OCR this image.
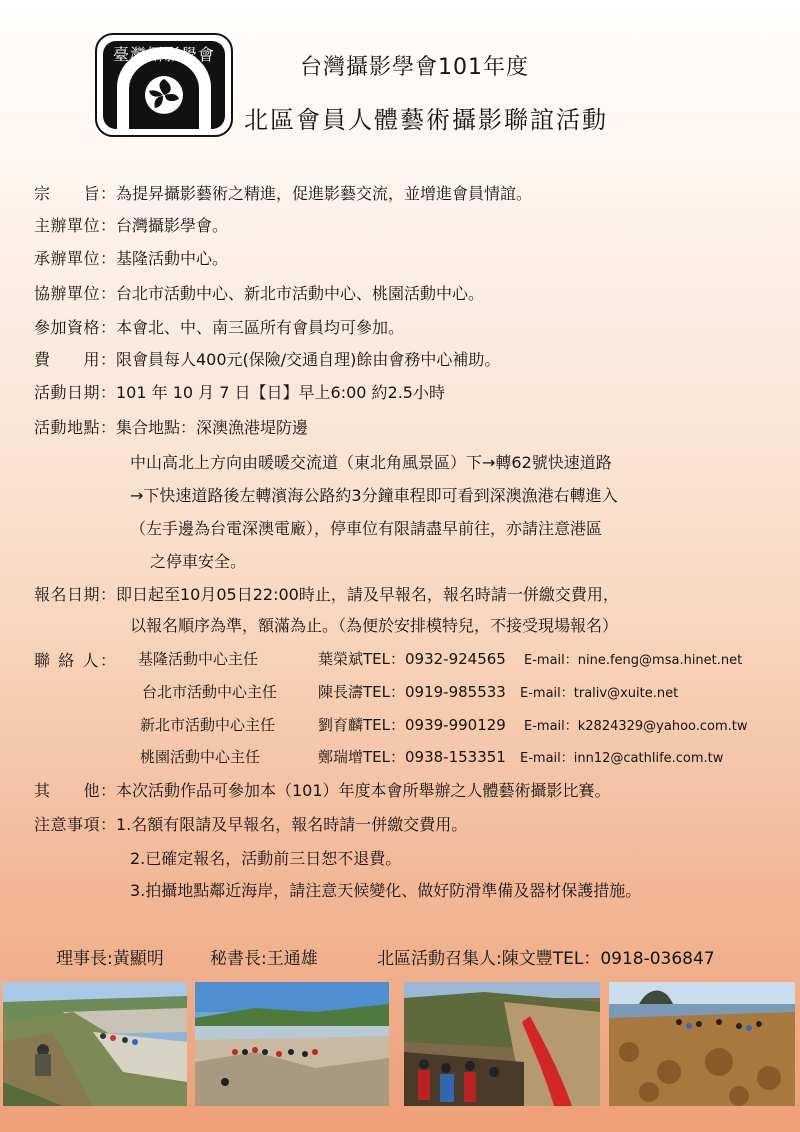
臺灣攝影學會
PHOTOGRAPHIC SOCIETY OF TAIWAN
台灣攝影學會101年度
北區會員人體藝術攝影聯誼活動
宗　　旨：為提昇攝影藝術之精進，促進影藝交流，並增進會員情誼。
主辦單位：台灣攝影學會。
承辦單位：基隆活動中心。
協辦單位：台北市活動中心、新北市活動中心、桃園活動中心。
參加資格：本會北、中、南三區所有會員均可參加。
費　　用：限會員每人400元(保險/交通自理)餘由會務中心補助。
活動日期：101 年 10 月 7 日【日】早上6:00 約2.5小時
活動地點：集合地點：深澳漁港堤防邊
中山高北上方向由暖暖交流道（東北角風景區）下→轉62號快速道路
→下快速道路後左轉濱海公路約3分鐘車程即可看到深澳漁港右轉進入
（左手邊為台電深澳電廠），停車位有限請盡早前往，亦請注意港區
之停車安全。
報名日期：即日起至10月05日22:00時止，請及早報名，報名時請一併繳交費用，
以報名順序為準，額滿為止。（為便於安排模特兒，不接受現場報名）
聯 絡 人： 基隆活動中心主任	葉榮斌TEL：0932-924565 E-mail：nine.feng@msa.hinet.net
台北市活動中心主任	陳長濤TEL：0919-985533 E-mail：traliv@xuite.net
新北市活動中心主任	劉育麟TEL：0939-990129 E-mail：k2824329@yahoo.com.tw
桃園活動中心主任	鄭瑞增TEL：0938-153351 E-mail：inn12@cathlife.com.tw
其　　他：本次活動作品可參加本（101）年度本會所舉辦之人體藝術攝影比賽。
注意事項：1.名額有限請及早報名，報名時請一併繳交費用。
2.已確定報名，活動前三日恕不退費。
3.拍攝地點鄰近海岸，請注意天候變化、做好防滑準備及器材保護措施。
理事長:黃顯明	秘書長:王通雄	北區活動召集人:陳文豐TEL：0918-036847
